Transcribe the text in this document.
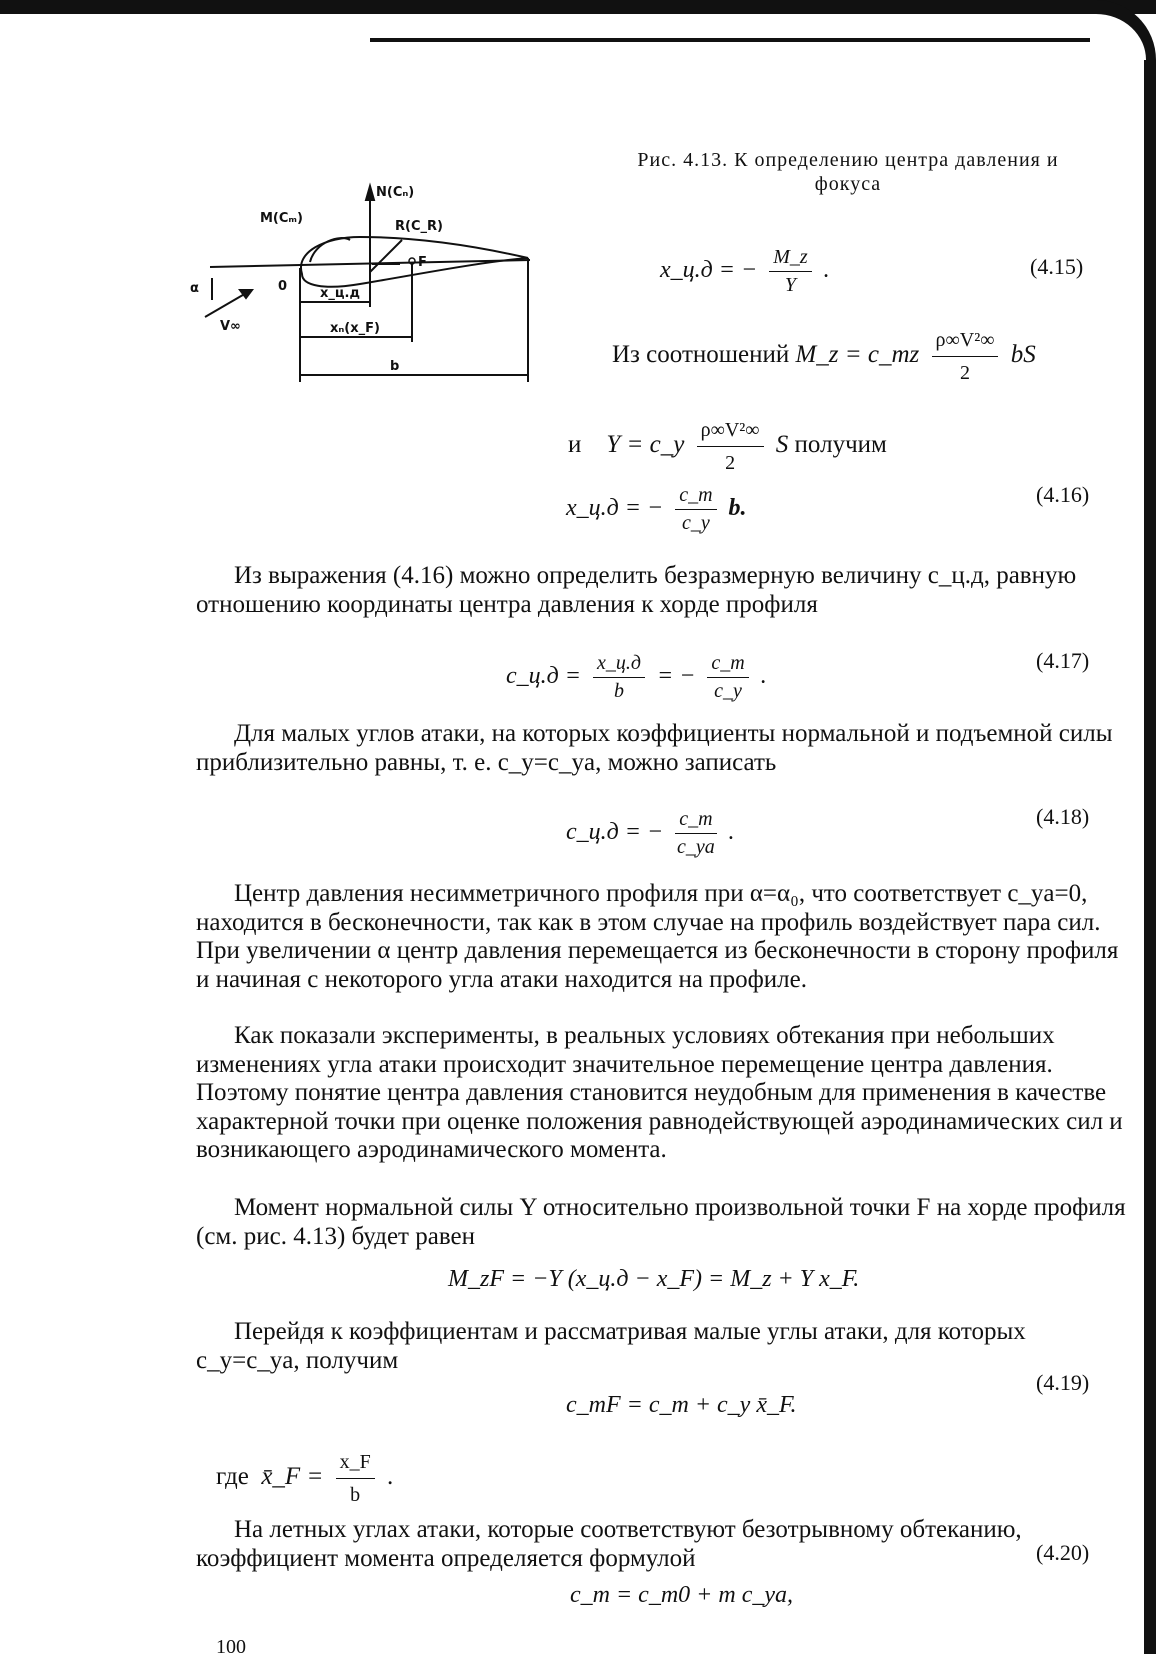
Рис. 4.13. К определению центра давления и
фокуса
N(Cₙ)
M(Cₘ)
R(C_R)
α	0
F
V∞
x_ц.д
xₙ(x_F)
b
x_ц.д = − $\frac{M\_z}{Y}$ .	(4.15)
Из соотношений M_z = c_mz $\frac{\text{ρ∞V²∞}}{2}$ bS
и Y = c_y $\frac{\text{ρ∞V²∞}}{2}$ S получим
x_ц.д = − $\frac{c\_m}{c\_y} b$.
(4.16)

Из выражения (4.16) можно определить безразмерную величину c_ц.д, равную отношению координаты центра давления к хорде профиля

c_ц.д = $\frac{x\_ц.д}{b}$ = − $\frac{c\_m}{c\_y}$ .
(4.17)

Для малых углов атаки, на которых коэффициенты нормальной и подъемной силы приблизительно равны, т. е. c_y=c_ya, можно записать

c_ц.д = − $\frac{c\_m}{c\_ya}$ .
(4.18)

Центр давления несимметричного профиля при α=α₀, что соответствует c_ya=0, находится в бесконечности, так как в этом случае на профиль воздействует пара сил. При увеличении α центр давления перемещается из бесконечности в сторону профиля и начиная с некоторого угла атаки находится на профиле.

Как показали эксперименты, в реальных условиях обтекания при небольших изменениях угла атаки происходит значительное перемещение центра давления. Поэтому понятие центра давления становится неудобным для применения в качестве характерной точки при оценке положения равнодействующей аэродинамических сил и возникающего аэродинамического момента.

Момент нормальной силы Y относительно произвольной точки F на хорде профиля (см. рис. 4.13) будет равен

M_zF = −Y (x_ц.д − x_F) = M_z + Y x_F.

Перейдя к коэффициентам и рассматривая малые углы атаки, для которых c_y=c_ya, получим

c_mF = c_m + c_y x̄_F.
(4.19)
где x̄_F = $\frac{x\_F}{b}$ .

На летных углах атаки, которые соответствуют безотрывному обтеканию, коэффициент момента определяется формулой

c_m = c_m0 + m c_ya,
(4.20)
100
